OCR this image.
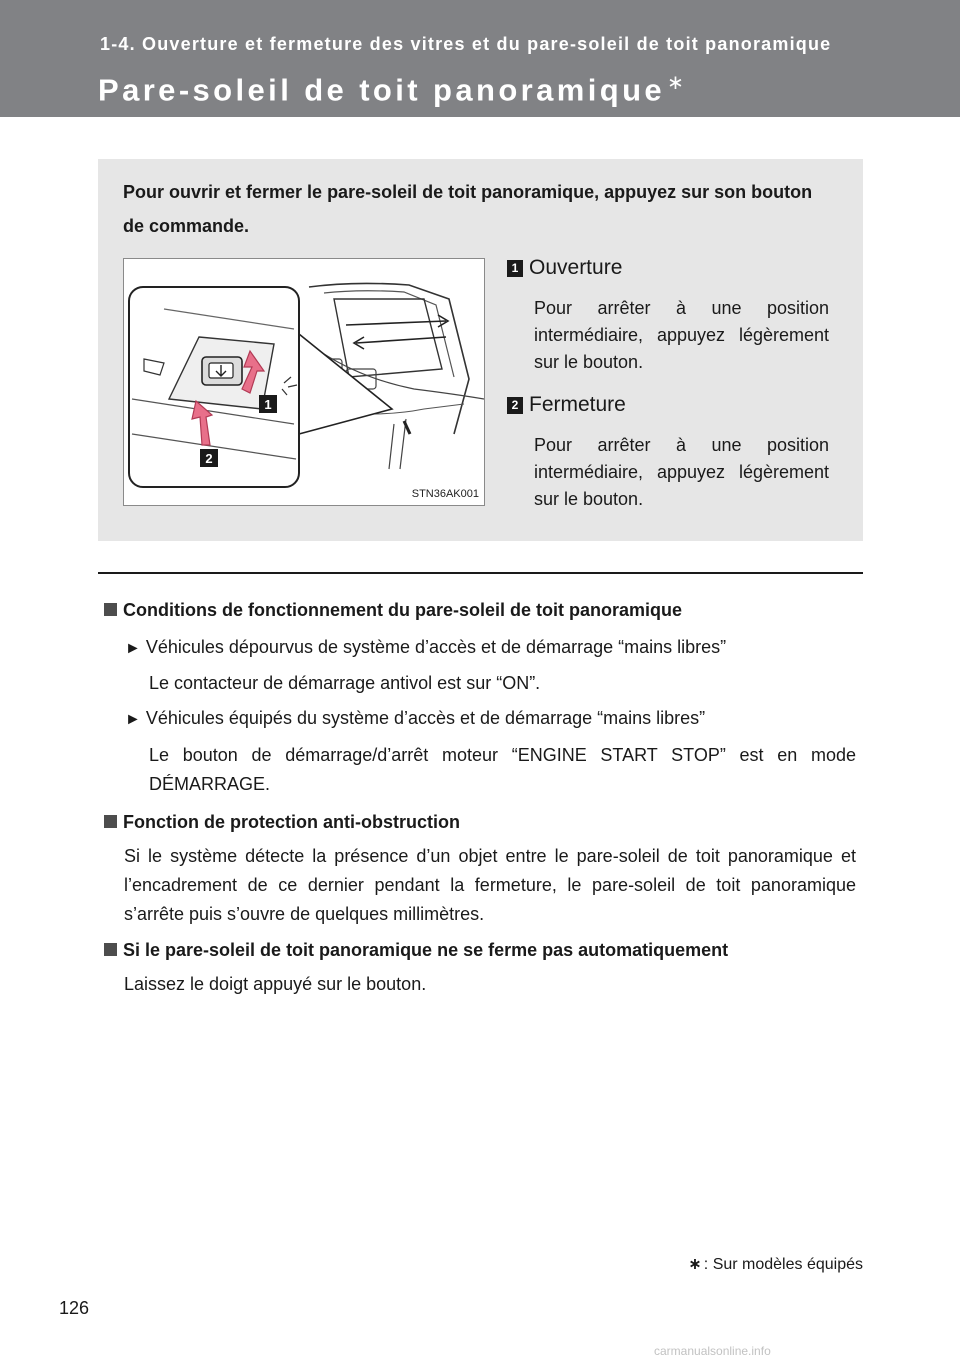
1-4. Ouverture et fermeture des vitres et du pare-soleil de toit panoramique
Pare-soleil de toit panoramique ∗
Pour ouvrir et fermer le pare-soleil de toit panoramique, appuyez sur son bouton de commande.
1
2
STN36AK001
1 Ouverture
Pour arrêter à une position intermédiaire, appuyez légèrement sur le bouton.
2 Fermeture
Pour arrêter à une position intermédiaire, appuyez légèrement sur le bouton.
Conditions de fonctionnement du pare-soleil de toit panoramique
► Véhicules dépourvus de système d’accès et de démarrage “mains libres”
Le contacteur de démarrage antivol est sur “ON”.
► Véhicules équipés du système d’accès et de démarrage “mains libres”
Le bouton de démarrage/d’arrêt moteur “ENGINE START STOP” est en mode DÉMARRAGE.
Fonction de protection anti-obstruction
Si le système détecte la présence d’un objet entre le pare-soleil de toit panoramique et l’encadrement de ce dernier pendant la fermeture, le pare-soleil de toit panoramique s’arrête puis s’ouvre de quelques millimètres.
Si le pare-soleil de toit panoramique ne se ferme pas automatiquement
Laissez le doigt appuyé sur le bouton.
∗ : Sur modèles équipés
126
carmanualsonline.info
